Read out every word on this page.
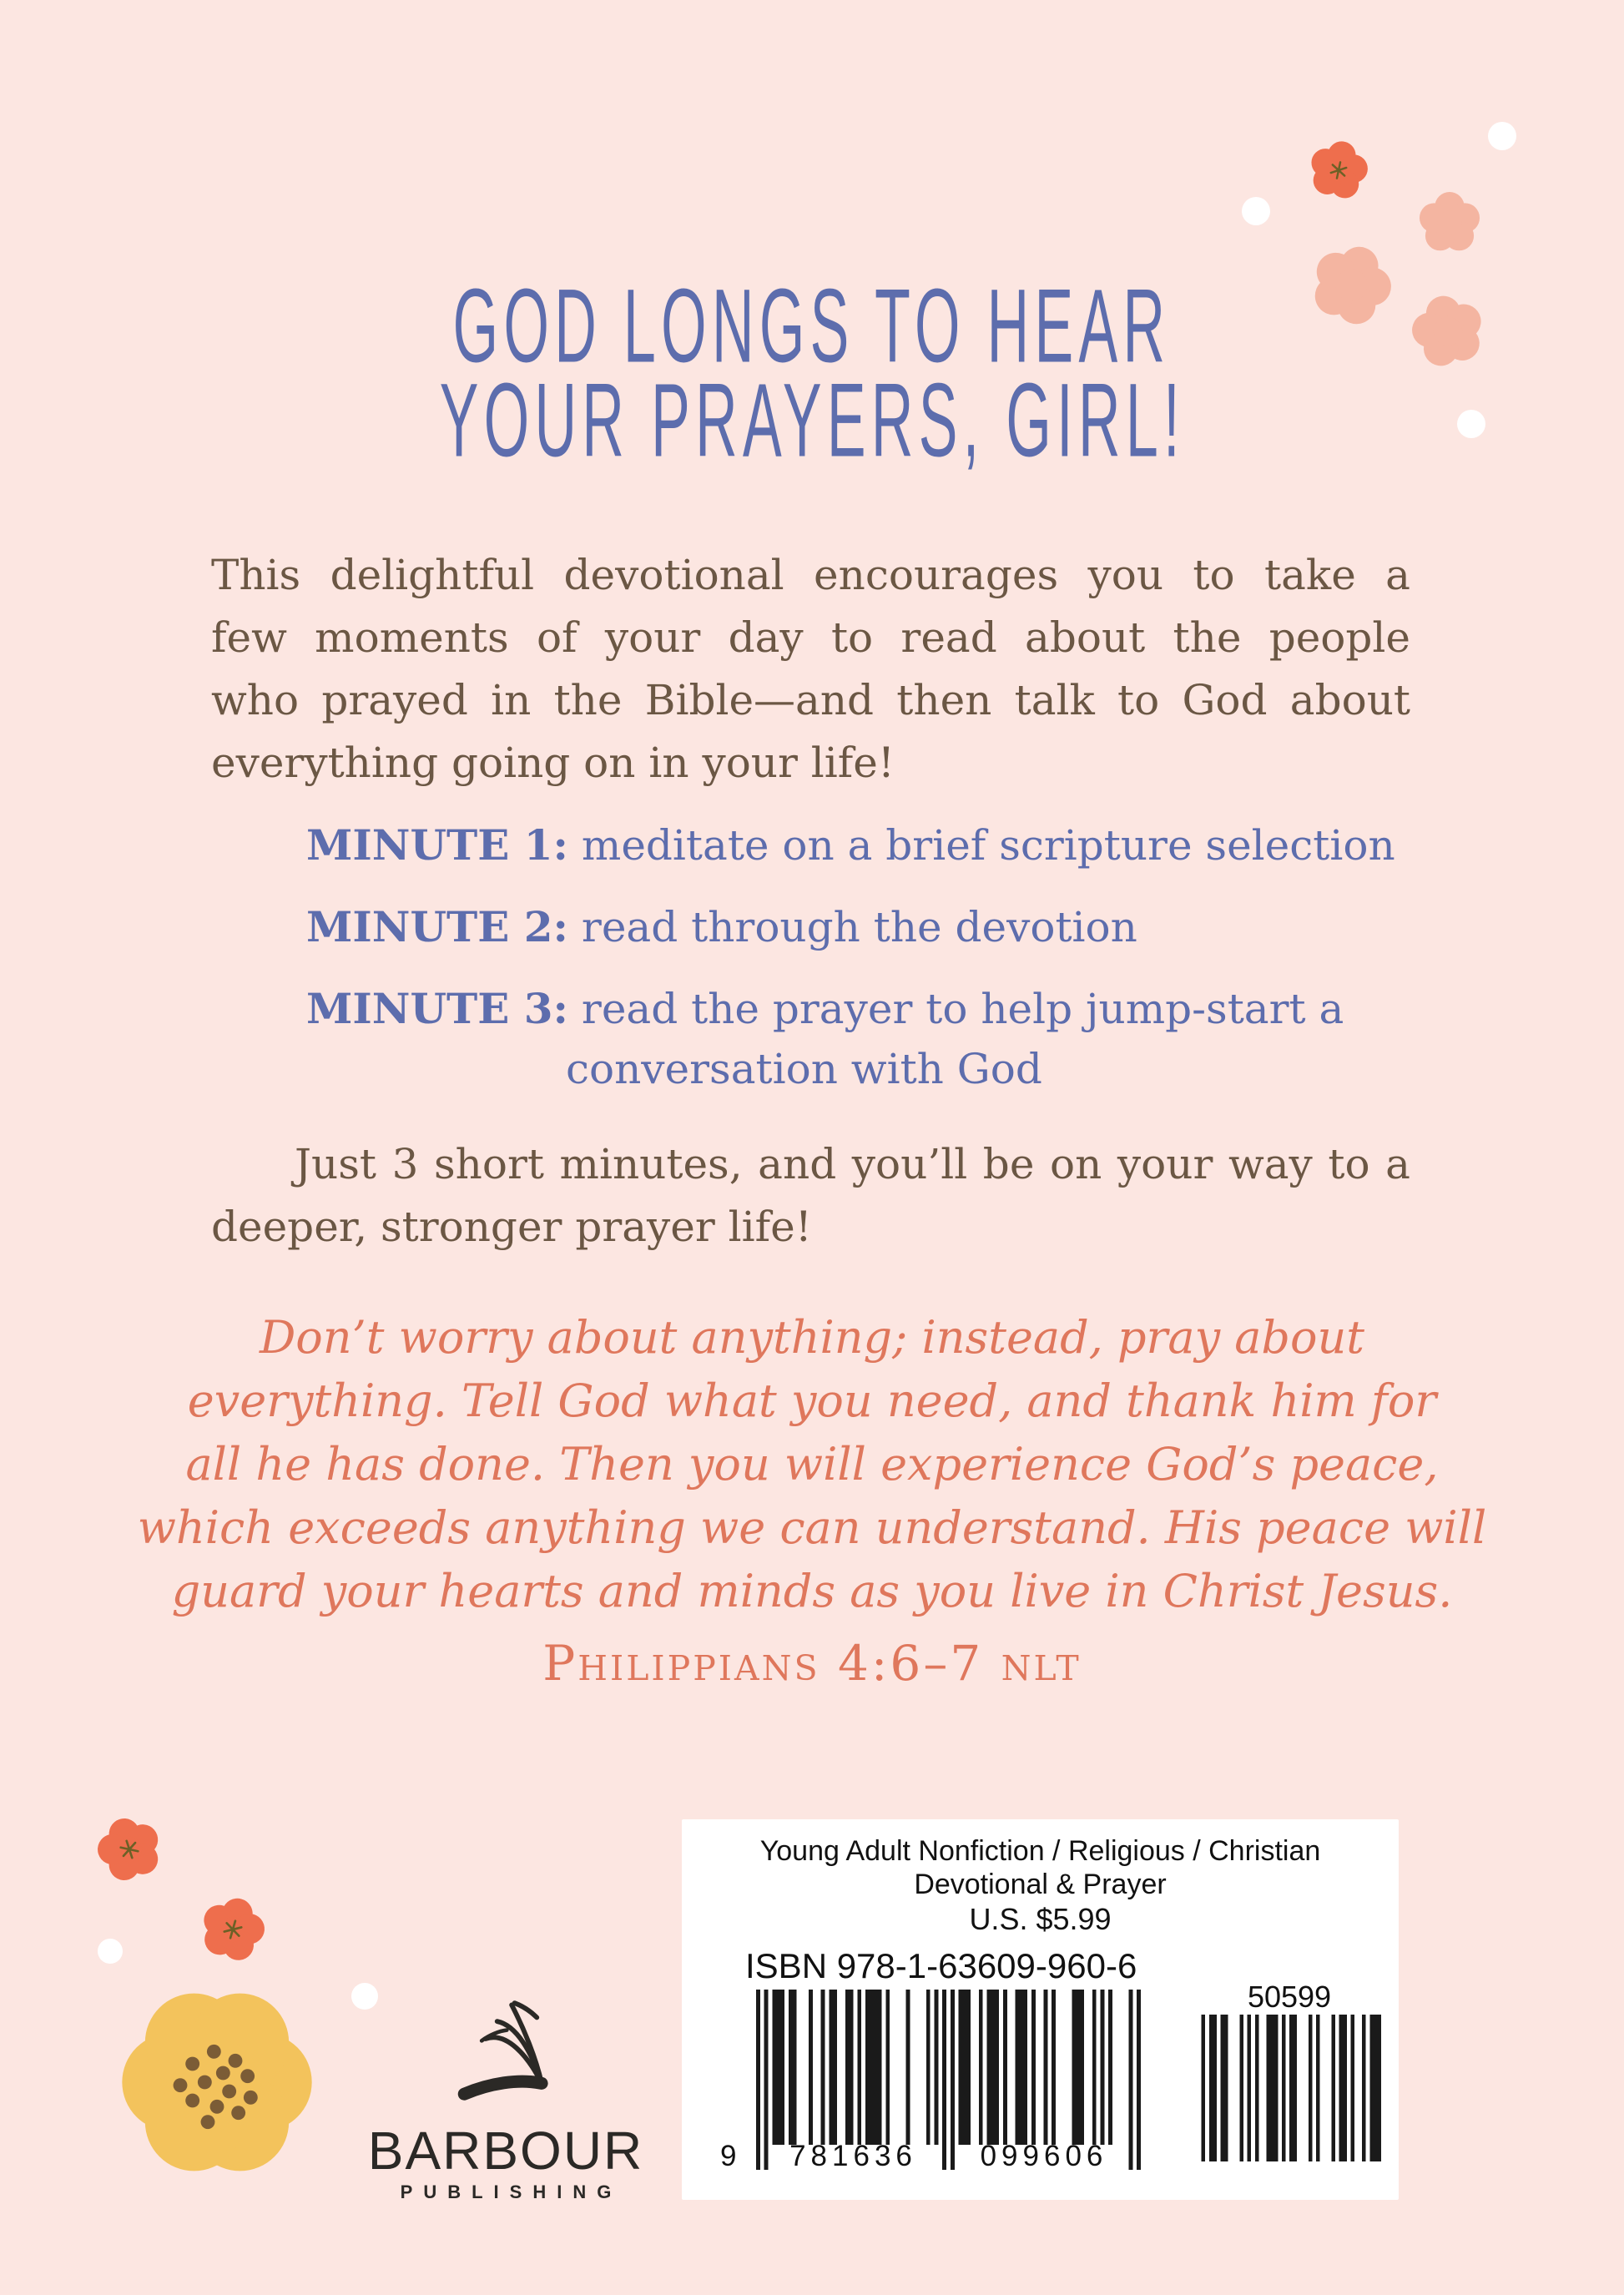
GOD LONGS TO HEAR
YOUR PRAYERS, GIRL!
This delightful devotional encourages you to take a
few moments of your day to read about the people
who prayed in the Bible—and then talk to God about
everything going on in your life!
MINUTE 1: meditate on a brief scripture selection
MINUTE 2: read through the devotion
MINUTE 3: read the prayer to help jump-start a
conversation with God
Just 3 short minutes, and you’ll be on your way to a
deeper, stronger prayer life!
Don’t worry about anything; instead, pray about
everything. Tell God what you need, and thank him for
all he has done. Then you will experience God’s peace,
which exceeds anything we can understand. His peace will
guard your hearts and minds as you live in Christ Jesus.
Philippians 4:6–7 nlt
BARBOUR
PUBLISHING
Young Adult Nonfiction / Religious / Christian
Devotional & Prayer
U.S. $5.99
ISBN 978-1-63609-960-6
9	781636	099606
50599
